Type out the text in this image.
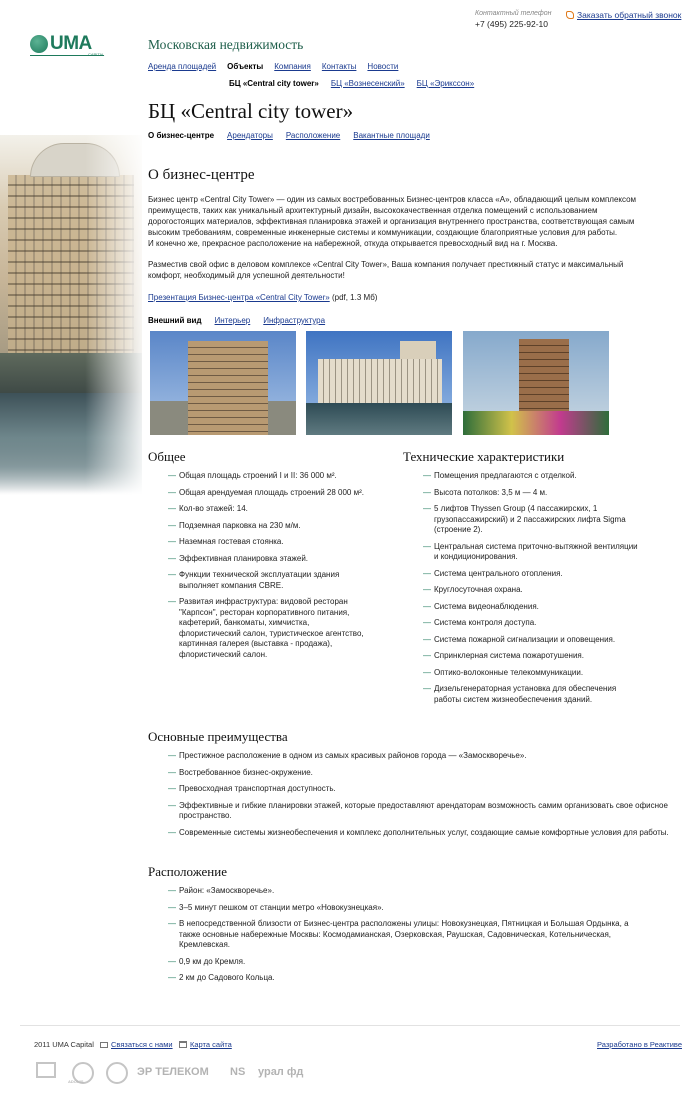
UMA	Московская недвижимость
Контактный телефон
+7 (495) 225-92-10
Заказать обратный звонок
Аренда площадей Объекты Компания Контакты Новости
БЦ «Central city tower» БЦ «Вознесенский» БЦ «Эрикссон»
БЦ «Central city tower»
О бизнес-центре Арендаторы Расположение Вакантные площади
О бизнес-центре
Бизнес центр «Central City Tower» — один из самых востребованных Бизнес-центров класса «А», обладающий целым комплексом
преимуществ, таких как уникальный архитектурный дизайн, высококачественная отделка помещений с использованием
дорогостоящих материалов, эффективная планировка этажей и организация внутреннего пространства, соответствующая самым
высоким требованиям, современные инженерные системы и коммуникации, создающие благоприятные условия для работы.
И конечно же, прекрасное расположение на набережной, откуда открывается превосходный вид на г. Москва.
Разместив свой офис в деловом комплексе «Central City Tower», Ваша компания получает престижный статус и максимальный
комфорт, необходимый для успешной деятельности!
Презентация Бизнес-центра «Central City Tower» (pdf, 1.3 Мб)
Внешний вид Интерьер Инфраструктура
Общее
— Общая площадь строений I и II: 36 000 м².
— Общая арендуемая площадь строений 28 000 м².
— Кол-во этажей: 14.
— Подземная парковка на 230 м/м.
— Наземная гостевая стоянка.
— Эффективная планировка этажей.
— Функции технической эксплуатации здания выполняет компания CBRE.
— Развитая инфраструктура: видовой ресторан "Карпсон", ресторан корпоративного питания, кафетерий, банкоматы, химчистка, флористический салон, туристическое агентство, картинная галерея (выставка - продажа), флористический салон.
Технические характеристики
— Помещения предлагаются с отделкой.
— Высота потолков: 3,5 м — 4 м.
— 5 лифтов Thyssen Group (4 пассажирских, 1 грузопассажирский) и 2 пассажирских лифта Sigma (строение 2).
— Центральная система приточно-вытяжной вентиляции и кондиционирования.
— Система центрального отопления.
— Круглосуточная охрана.
— Система видеонаблюдения.
— Система контроля доступа.
— Система пожарной сигнализации и оповещения.
— Спринклерная система пожаротушения.
— Оптико-волоконные телекоммуникации.
— Дизельгенераторная установка для обеспечения работы систем жизнеобеспечения зданий.
Основные преимущества
— Престижное расположение в одном из самых красивых районов города — «Замоскворечье».
— Востребованное бизнес-окружение.
— Превосходная транспортная доступность.
— Эффективные и гибкие планировки этажей, которые предоставляют арендаторам возможность самим организовать свое офисное пространство.
— Современные системы жизнеобеспечения и комплекс дополнительных услуг, создающие самые комфортные условия для работы.
Расположение
— Район: «Замоскворечье».
— 3–5 минут пешком от станции метро «Новокузнецкая».
— В непосредственной близости от Бизнес-центра расположены улицы: Новокузнецкая, Пятницкая и Большая Ордынка, а также основные набережные Москвы: Космодамианская, Озерковская, Раушская, Садовническая, Котельническая, Кремлевская.
— 0,9 км до Кремля.
— 2 км до Садового Кольца.
2011 UMA Capital Связаться с нами Карта сайта	Разработано в Реактиве
ADONIS
ЭР ТЕЛЕКОМ NS урал фд
